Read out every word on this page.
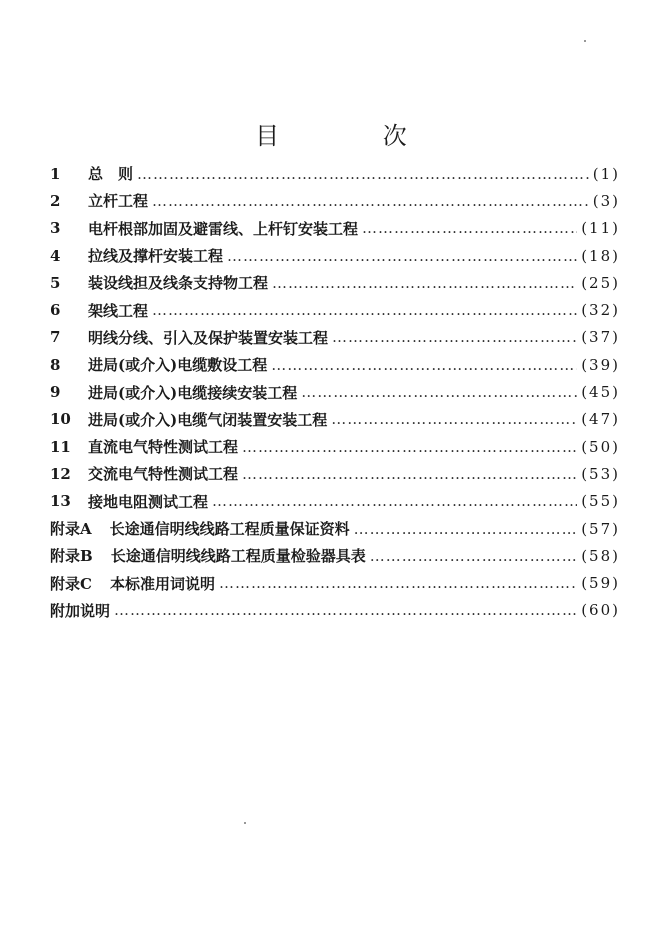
目 次
1	总　则 …………………………………………………………………………………………………………	(1)
2	立杆工程 …………………………………………………………………………………………………………	(3)
3	电杆根部加固及避雷线、上杆钉安装工程 …………………………………………………………………………………………………………	(11)
4	拉线及撑杆安装工程 …………………………………………………………………………………………………………	(18)
5	装设线担及线条支持物工程 …………………………………………………………………………………………………………	(25)
6	架线工程 …………………………………………………………………………………………………………	(32)
7	明线分线、引入及保护装置安装工程 …………………………………………………………………………………………………………	(37)
8	进局(或介入)电缆敷设工程 …………………………………………………………………………………………………………	(39)
9	进局(或介入)电缆接续安装工程 …………………………………………………………………………………………………………	(45)
10	进局(或介入)电缆气闭装置安装工程 …………………………………………………………………………………………………………	(47)
11	直流电气特性测试工程 …………………………………………………………………………………………………………	(50)
12	交流电气特性测试工程 …………………………………………………………………………………………………………	(53)
13	接地电阻测试工程 …………………………………………………………………………………………………………	(55)
附录A 长途通信明线线路工程质量保证资料 …………………………………………………………………………………………………………	(57)
附录B 长途通信明线线路工程质量检验器具表 …………………………………………………………………………………………………………	(58)
附录C 本标准用词说明 …………………………………………………………………………………………………………	(59)
附加说明 …………………………………………………………………………………………………………	(60)
